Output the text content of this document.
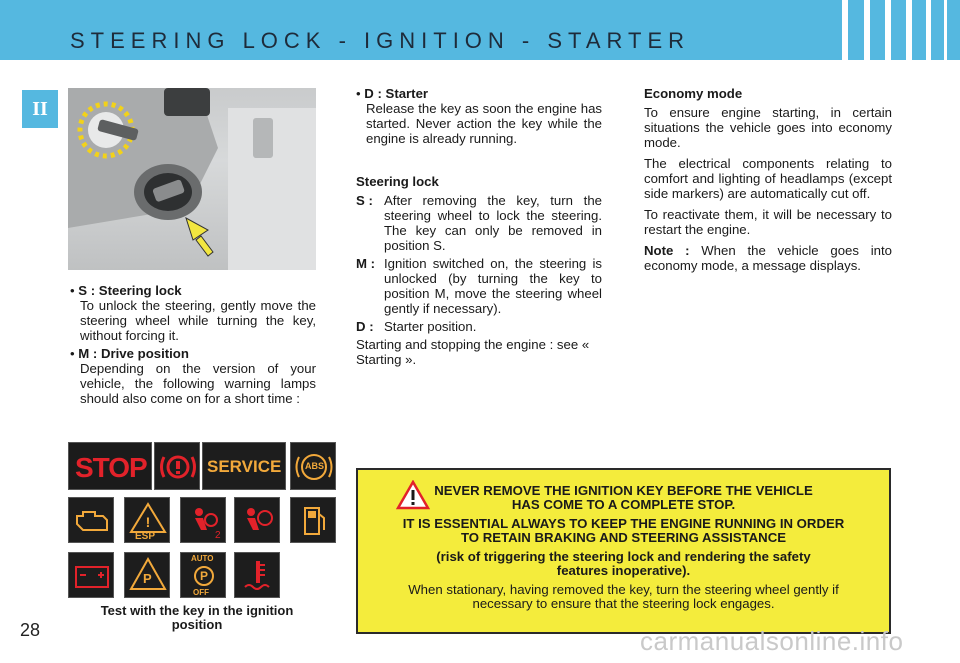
STEERING LOCK - IGNITION - STARTER
II
• S : Steering lock

To unlock the steering, gently move the steering wheel while turning the key, without forcing it.

• M : Drive position

Depending on the version of your vehicle, the following warning lamps should also come on for a short time :

• D : Starter

Release the key as soon the engine has started. Never action the key while the engine is already running.

Steering lock

S : After removing the key, turn the steering wheel to lock the steering. The key can only be removed in position S.
M : Ignition switched on, the steering is unlocked (by turning the key to position M, move the steering wheel gently if necessary).
D : Starter position.

Starting and stopping the engine : see « Starting ».

Economy mode

To ensure engine starting, in certain situations the vehicle goes into economy mode.

The electrical components relating to comfort and lighting of headlamps (except side markers) are automatically cut off.

To reactivate them, it will be necessary to restart the engine.

Note : When the vehicle goes into economy mode, a message displays.

STOP	SERVICE	ABS
!
ESP	2
P
AUTO
P
OFF
Test with the key in the ignition position

NEVER REMOVE THE IGNITION KEY BEFORE THE VEHICLE HAS COME TO A COMPLETE STOP.

IT IS ESSENTIAL ALWAYS TO KEEP THE ENGINE RUNNING IN ORDER TO RETAIN BRAKING AND STEERING ASSISTANCE

(risk of triggering the steering lock and rendering the safety features inoperative).

When stationary, having removed the key, turn the steering wheel gently if necessary to ensure that the steering lock engages.

28	carmanualsonline.info
